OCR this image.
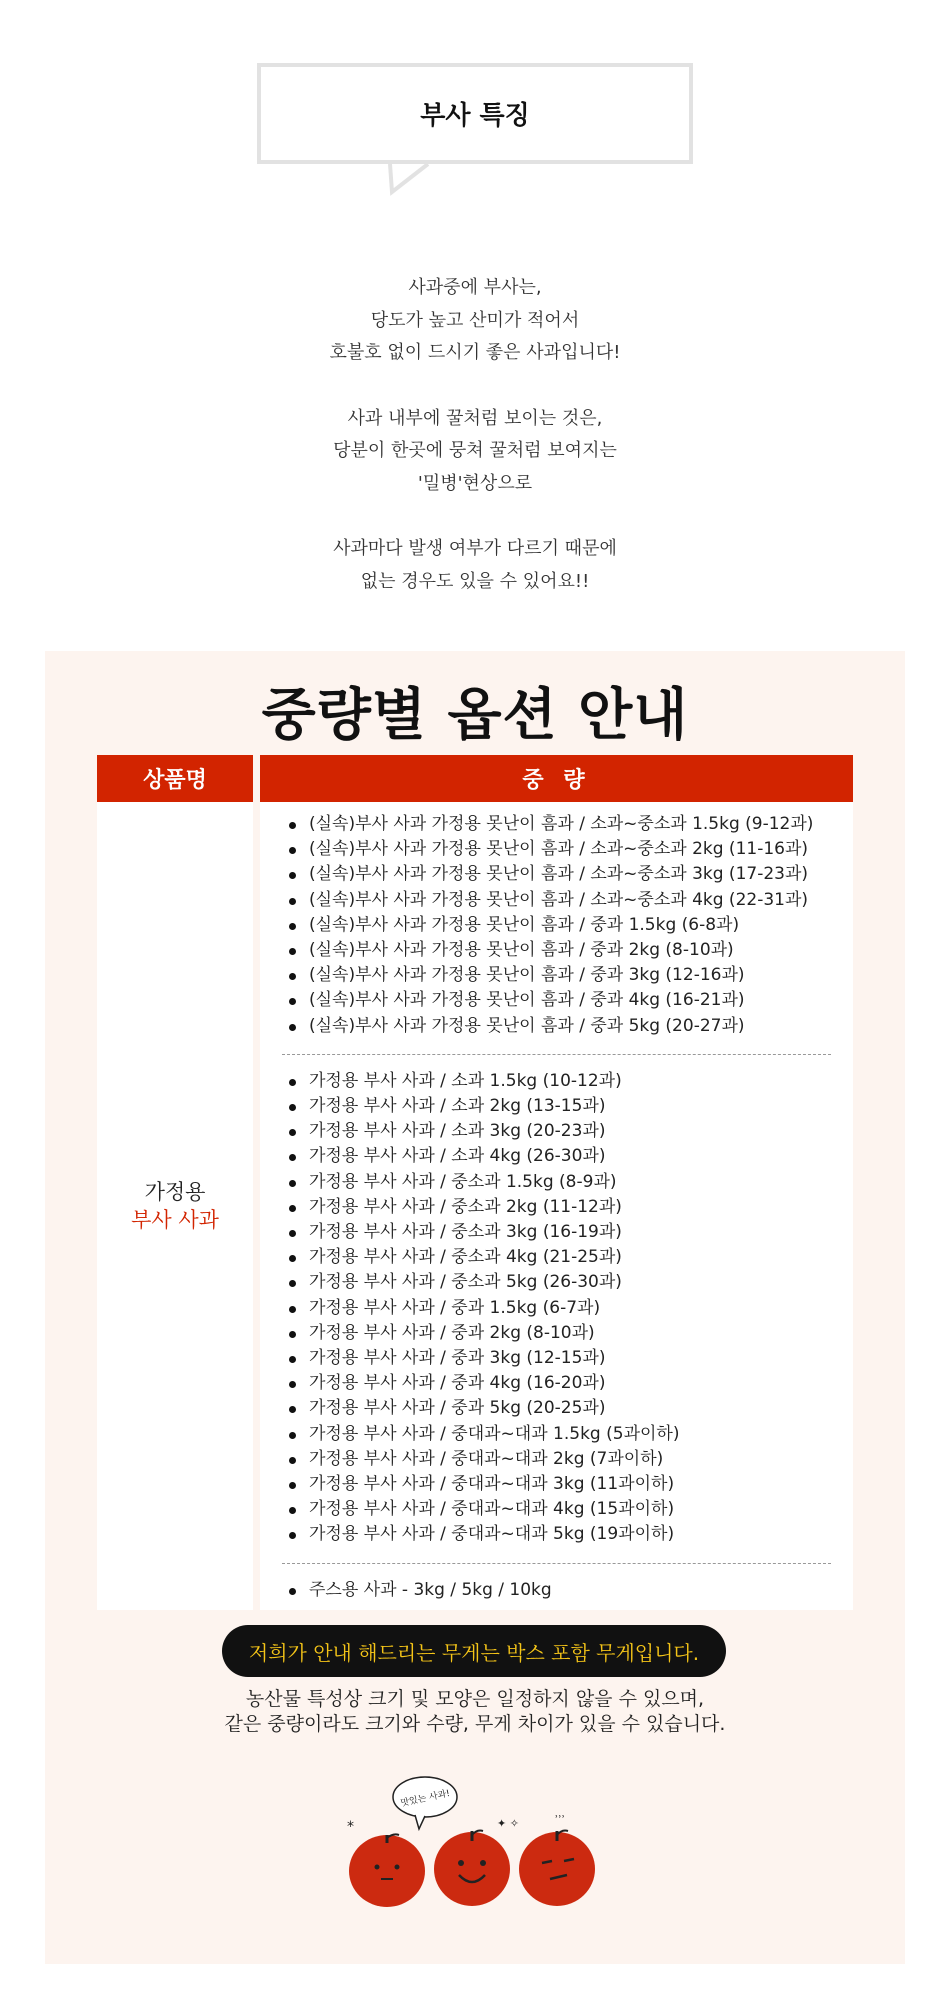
부사 특징

사과중에 부사는,

당도가 높고 산미가 적어서

호불호 없이 드시기 좋은 사과입니다!

사과 내부에 꿀처럼 보이는 것은,

당분이 한곳에 뭉쳐 꿀처럼 보여지는

'밀병'현상으로

사과마다 발생 여부가 다르기 때문에

없는 경우도 있을 수 있어요!!

중량별 옵션 안내
상품명	중 량
가정용
부사 사과
(실속)부사 사과 가정용 못난이 흠과 / 소과~중소과 1.5kg (9-12과)
(실속)부사 사과 가정용 못난이 흠과 / 소과~중소과 2kg (11-16과)
(실속)부사 사과 가정용 못난이 흠과 / 소과~중소과 3kg (17-23과)
(실속)부사 사과 가정용 못난이 흠과 / 소과~중소과 4kg (22-31과)
(실속)부사 사과 가정용 못난이 흠과 / 중과 1.5kg (6-8과)
(실속)부사 사과 가정용 못난이 흠과 / 중과 2kg (8-10과)
(실속)부사 사과 가정용 못난이 흠과 / 중과 3kg (12-16과)
(실속)부사 사과 가정용 못난이 흠과 / 중과 4kg (16-21과)
(실속)부사 사과 가정용 못난이 흠과 / 중과 5kg (20-27과)
가정용 부사 사과 / 소과 1.5kg (10-12과)
가정용 부사 사과 / 소과 2kg (13-15과)
가정용 부사 사과 / 소과 3kg (20-23과)
가정용 부사 사과 / 소과 4kg (26-30과)
가정용 부사 사과 / 중소과 1.5kg (8-9과)
가정용 부사 사과 / 중소과 2kg (11-12과)
가정용 부사 사과 / 중소과 3kg (16-19과)
가정용 부사 사과 / 중소과 4kg (21-25과)
가정용 부사 사과 / 중소과 5kg (26-30과)
가정용 부사 사과 / 중과 1.5kg (6-7과)
가정용 부사 사과 / 중과 2kg (8-10과)
가정용 부사 사과 / 중과 3kg (12-15과)
가정용 부사 사과 / 중과 4kg (16-20과)
가정용 부사 사과 / 중과 5kg (20-25과)
가정용 부사 사과 / 중대과~대과 1.5kg (5과이하)
가정용 부사 사과 / 중대과~대과 2kg (7과이하)
가정용 부사 사과 / 중대과~대과 3kg (11과이하)
가정용 부사 사과 / 중대과~대과 4kg (15과이하)
가정용 부사 사과 / 중대과~대과 5kg (19과이하)
주스용 사과 - 3kg / 5kg / 10kg
저희가 안내 해드리는 무게는 박스 포함 무게입니다.

농산물 특성상 크기 및 모양은 일정하지 않을 수 있으며,

같은 중량이라도 크기와 수량, 무게 차이가 있을 수 있습니다.

맛있는 사과!
*	✦ ✧	ʾʾʾ
